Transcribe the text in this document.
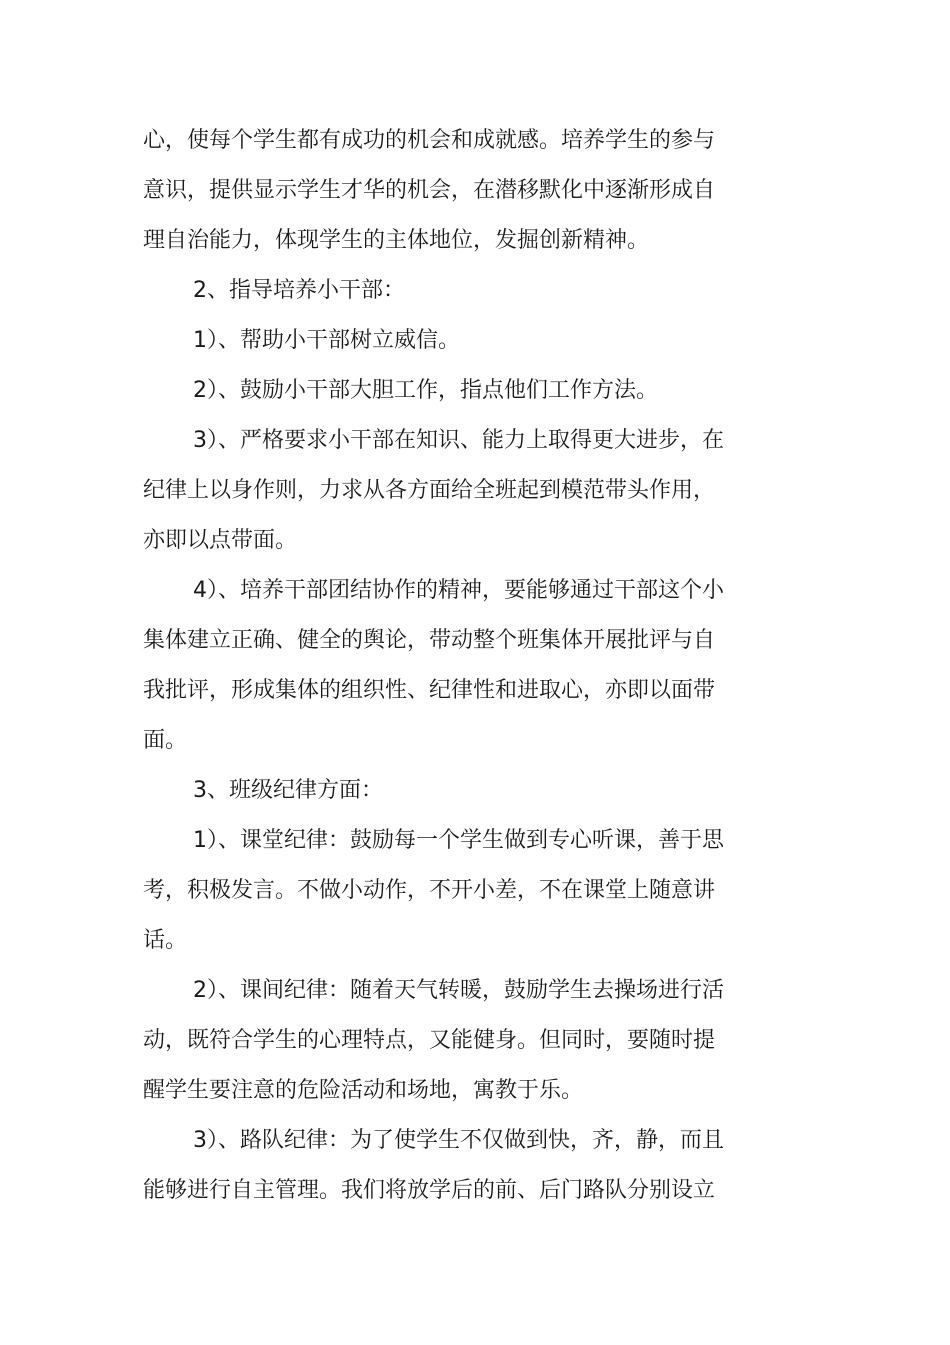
心，使每个学生都有成功的机会和成就感。培养学生的参与
意识，提供显示学生才华的机会，在潜移默化中逐渐形成自
理自治能力，体现学生的主体地位，发掘创新精神。
2、指导培养小干部：
1）、帮助小干部树立威信。
2）、鼓励小干部大胆工作，指点他们工作方法。
3）、严格要求小干部在知识、能力上取得更大进步，在
纪律上以身作则，力求从各方面给全班起到模范带头作用，
亦即以点带面。
4）、培养干部团结协作的精神，要能够通过干部这个小
集体建立正确、健全的舆论，带动整个班集体开展批评与自
我批评，形成集体的组织性、纪律性和进取心，亦即以面带
面。
3、班级纪律方面：
1）、课堂纪律：鼓励每一个学生做到专心听课，善于思
考，积极发言。不做小动作，不开小差，不在课堂上随意讲
话。
2）、课间纪律：随着天气转暖，鼓励学生去操场进行活
动，既符合学生的心理特点，又能健身。但同时，要随时提
醒学生要注意的危险活动和场地，寓教于乐。
3）、路队纪律：为了使学生不仅做到快，齐，静，而且
能够进行自主管理。我们将放学后的前、后门路队分别设立
